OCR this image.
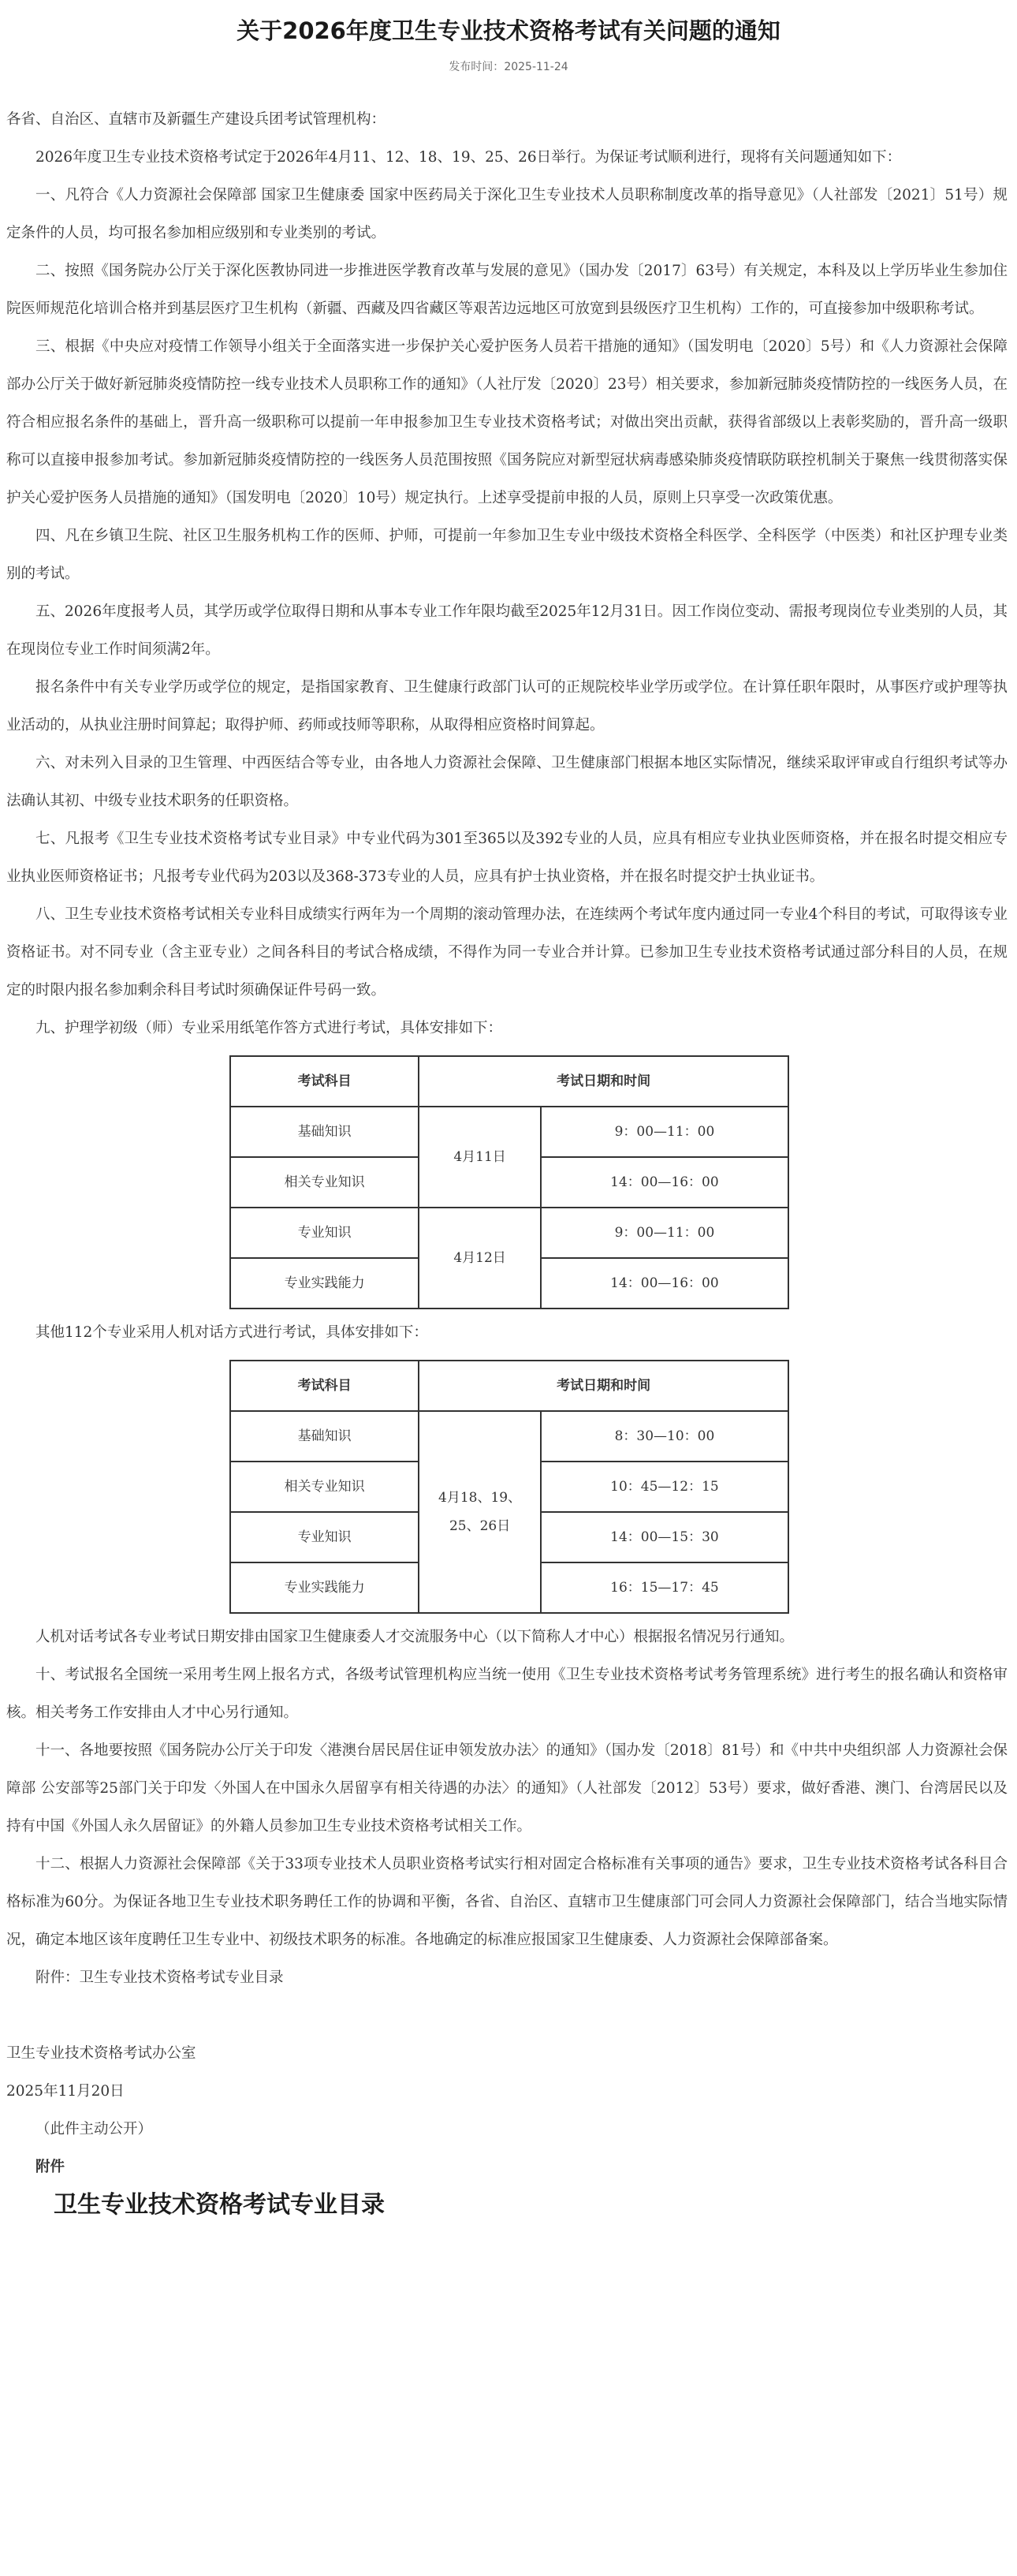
关于2026年度卫生专业技术资格考试有关问题的通知
发布时间：2025-11-24

各省、自治区、直辖市及新疆生产建设兵团考试管理机构：

2026年度卫生专业技术资格考试定于2026年4月11、12、18、19、25、26日举行。为保证考试顺利进行，现将有关问题通知如下：

一、凡符合《人力资源社会保障部 国家卫生健康委 国家中医药局关于深化卫生专业技术人员职称制度改革的指导意见》（人社部发〔2021〕51号）规定条件的人员，均可报名参加相应级别和专业类别的考试。

二、按照《国务院办公厅关于深化医教协同进一步推进医学教育改革与发展的意见》（国办发〔2017〕63号）有关规定，本科及以上学历毕业生参加住院医师规范化培训合格并到基层医疗卫生机构（新疆、西藏及四省藏区等艰苦边远地区可放宽到县级医疗卫生机构）工作的，可直接参加中级职称考试。

三、根据《中央应对疫情工作领导小组关于全面落实进一步保护关心爱护医务人员若干措施的通知》（国发明电〔2020〕5号）和《人力资源社会保障部办公厅关于做好新冠肺炎疫情防控一线专业技术人员职称工作的通知》（人社厅发〔2020〕23号）相关要求，参加新冠肺炎疫情防控的一线医务人员，在符合相应报名条件的基础上，晋升高一级职称可以提前一年申报参加卫生专业技术资格考试；对做出突出贡献，获得省部级以上表彰奖励的，晋升高一级职称可以直接申报参加考试。参加新冠肺炎疫情防控的一线医务人员范围按照《国务院应对新型冠状病毒感染肺炎疫情联防联控机制关于聚焦一线贯彻落实保护关心爱护医务人员措施的通知》（国发明电〔2020〕10号）规定执行。上述享受提前申报的人员，原则上只享受一次政策优惠。

四、凡在乡镇卫生院、社区卫生服务机构工作的医师、护师，可提前一年参加卫生专业中级技术资格全科医学、全科医学（中医类）和社区护理专业类别的考试。

五、2026年度报考人员，其学历或学位取得日期和从事本专业工作年限均截至2025年12月31日。因工作岗位变动、需报考现岗位专业类别的人员，其在现岗位专业工作时间须满2年。

报名条件中有关专业学历或学位的规定，是指国家教育、卫生健康行政部门认可的正规院校毕业学历或学位。在计算任职年限时，从事医疗或护理等执业活动的，从执业注册时间算起；取得护师、药师或技师等职称，从取得相应资格时间算起。

六、对未列入目录的卫生管理、中西医结合等专业，由各地人力资源社会保障、卫生健康部门根据本地区实际情况，继续采取评审或自行组织考试等办法确认其初、中级专业技术职务的任职资格。

七、凡报考《卫生专业技术资格考试专业目录》中专业代码为301至365以及392专业的人员，应具有相应专业执业医师资格，并在报名时提交相应专业执业医师资格证书；凡报考专业代码为203以及368-373专业的人员，应具有护士执业资格，并在报名时提交护士执业证书。

八、卫生专业技术资格考试相关专业科目成绩实行两年为一个周期的滚动管理办法，在连续两个考试年度内通过同一专业4个科目的考试，可取得该专业资格证书。对不同专业（含主亚专业）之间各科目的考试合格成绩，不得作为同一专业合并计算。已参加卫生专业技术资格考试通过部分科目的人员，在规定的时限内报名参加剩余科目考试时须确保证件号码一致。

九、护理学初级（师）专业采用纸笔作答方式进行考试，具体安排如下：

考试科目	考试日期和时间	
基础知识	4月11日	9：00—11：00
相关专业知识		14：00—16：00
专业知识	4月12日	9：00—11：00
专业实践能力		14：00—16：00

其他112个专业采用人机对话方式进行考试，具体安排如下：

考试科目	考试日期和时间	
基础知识	4月18、19、
25、26日	8：30—10：00
相关专业知识		10：45—12：15
专业知识		14：00—15：30
专业实践能力		16：15—17：45

人机对话考试各专业考试日期安排由国家卫生健康委人才交流服务中心（以下简称人才中心）根据报名情况另行通知。

十、考试报名全国统一采用考生网上报名方式，各级考试管理机构应当统一使用《卫生专业技术资格考试考务管理系统》进行考生的报名确认和资格审核。相关考务工作安排由人才中心另行通知。

十一、各地要按照《国务院办公厅关于印发〈港澳台居民居住证申领发放办法〉的通知》（国办发〔2018〕81号）和《中共中央组织部 人力资源社会保障部 公安部等25部门关于印发〈外国人在中国永久居留享有相关待遇的办法〉的通知》（人社部发〔2012〕53号）要求，做好香港、澳门、台湾居民以及持有中国《外国人永久居留证》的外籍人员参加卫生专业技术资格考试相关工作。

十二、根据人力资源社会保障部《关于33项专业技术人员职业资格考试实行相对固定合格标准有关事项的通告》要求，卫生专业技术资格考试各科目合格标准为60分。为保证各地卫生专业技术职务聘任工作的协调和平衡，各省、自治区、直辖市卫生健康部门可会同人力资源社会保障部门，结合当地实际情况，确定本地区该年度聘任卫生专业中、初级技术职务的标准。各地确定的标准应报国家卫生健康委、人力资源社会保障部备案。

附件：卫生专业技术资格考试专业目录

卫生专业技术资格考试办公室

2025年11月20日

（此件主动公开）

附件

卫生专业技术资格考试专业目录
